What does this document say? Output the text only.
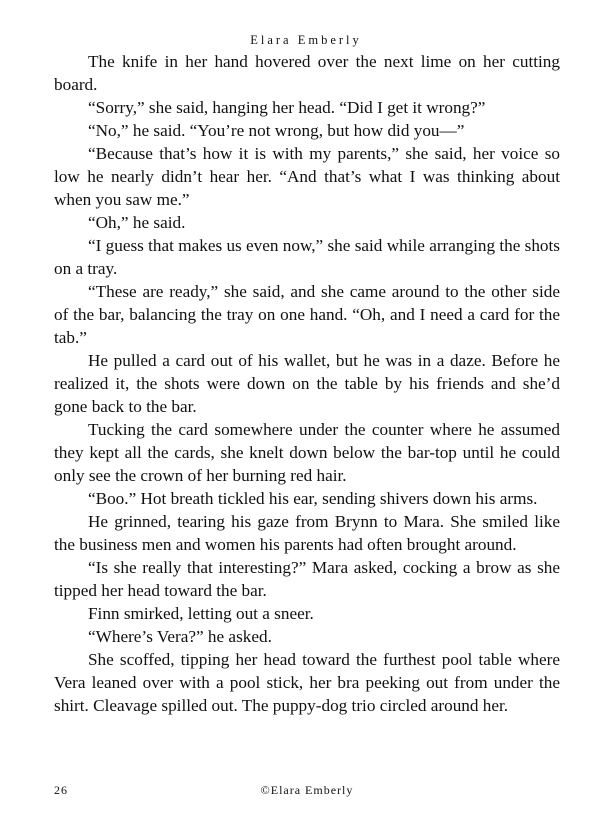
Elara Emberly

The knife in her hand hovered over the next lime on her cutting board.

“Sorry,” she said, hanging her head. “Did I get it wrong?”

“No,” he said. “You’re not wrong, but how did you—”

“Because that’s how it is with my parents,” she said, her voice so low he nearly didn’t hear her. “And that’s what I was thinking about when you saw me.”

“Oh,” he said.

“I guess that makes us even now,” she said while arranging the shots on a tray.

“These are ready,” she said, and she came around to the other side of the bar, balancing the tray on one hand. “Oh, and I need a card for the tab.”

He pulled a card out of his wallet, but he was in a daze. Before he realized it, the shots were down on the table by his friends and she’d gone back to the bar.

Tucking the card somewhere under the counter where he assumed they kept all the cards, she knelt down below the bar-top until he could only see the crown of her burning red hair.

“Boo.” Hot breath tickled his ear, sending shivers down his arms.

He grinned, tearing his gaze from Brynn to Mara. She smiled like the business men and women his parents had often brought around.

“Is she really that interesting?” Mara asked, cocking a brow as she tipped her head toward the bar.

Finn smirked, letting out a sneer.

“Where’s Vera?” he asked.

She scoffed, tipping her head toward the furthest pool table where Vera leaned over with a pool stick, her bra peeking out from under the shirt. Cleavage spilled out. The puppy-dog trio circled around her.

26	©Elara Emberly
